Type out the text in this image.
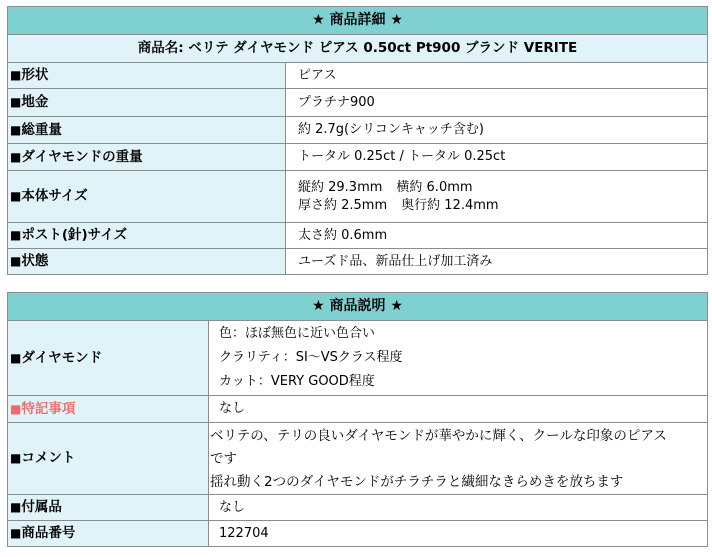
★ 商品詳細 ★	
商品名: ベリテ ダイヤモンド ピアス 0.50ct Pt900 ブランド VERITE	
■形状	ピアス
■地金	プラチナ900
■総重量	約 2.7g(シリコンキャッチ含む)
■ダイヤモンドの重量	トータル 0.25ct / トータル 0.25ct
■本体サイズ	縦約 29.3mm 横約 6.0mm
厚さ約 2.5mm 奥行約 12.4mm

■ポスト(針)サイズ	太さ約 0.6mm
■状態	ユーズド品、新品仕上げ加工済み
★ 商品説明 ★	
■ダイヤモンド	色：ほぼ無色に近い色合い
クラリティ：SI〜VSクラス程度
カット：VERY GOOD程度

■特記事項	なし
■コメント	ベリテの、テリの良いダイヤモンドが華やかに輝く、クールな印象のピアス
です
揺れ動く2つのダイヤモンドがチラチラと繊細なきらめきを放ちます

■付属品	なし
■商品番号	122704
